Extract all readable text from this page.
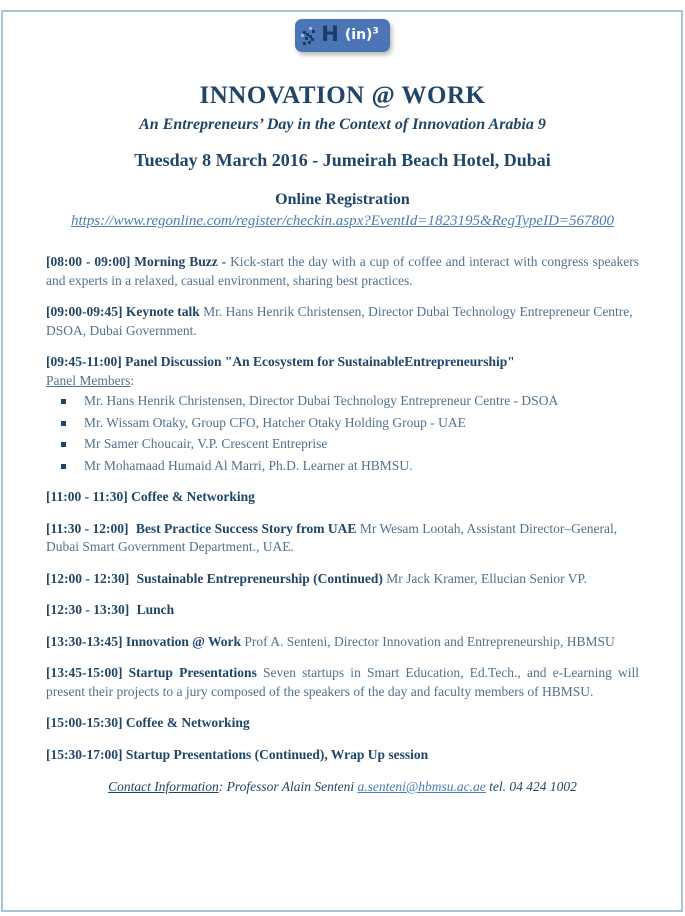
H (in)$^3$
INNOVATION @ WORK
An Entrepreneurs’ Day in the Context of Innovation Arabia 9
Tuesday 8 March 2016 - Jumeirah Beach Hotel, Dubai
Online Registration
https://www.regonline.com/register/checkin.aspx?EventId=1823195&RegTypeID=567800

[08:00 - 09:00] Morning Buzz - Kick-start the day with a cup of coffee and interact with congress speakers and experts in a relaxed, casual environment, sharing best practices.

[09:00-09:45] Keynote talk Mr. Hans Henrik Christensen, Director Dubai Technology Entrepreneur Centre, DSOA, Dubai Government.

[09:45-11:00] Panel Discussion "An Ecosystem for SustainableEntrepreneurship"

Panel Members:

Mr. Hans Henrik Christensen, Director Dubai Technology Entrepreneur Centre - DSOA
Mr. Wissam Otaky, Group CFO, Hatcher Otaky Holding Group - UAE
Mr Samer Choucair, V.P. Crescent Entreprise
Mr Mohamaad Humaid Al Marri, Ph.D. Learner at HBMSU.

[11:00 - 11:30] Coffee & Networking

[11:30 - 12:00] Best Practice Success Story from UAE Mr Wesam Lootah, Assistant Director–General, Dubai Smart Government Department., UAE.

[12:00 - 12:30] Sustainable Entrepreneurship (Continued) Mr Jack Kramer, Ellucian Senior VP.

[12:30 - 13:30] Lunch

[13:30-13:45] Innovation @ Work Prof A. Senteni, Director Innovation and Entrepreneurship, HBMSU

[13:45-15:00] Startup Presentations Seven startups in Smart Education, Ed.Tech., and e-Learning will present their projects to a jury composed of the speakers of the day and faculty members of HBMSU.

[15:00-15:30] Coffee & Networking

[15:30-17:00] Startup Presentations (Continued), Wrap Up session

Contact Information: Professor Alain Senteni a.senteni@hbmsu.ac.ae tel. 04 424 1002
